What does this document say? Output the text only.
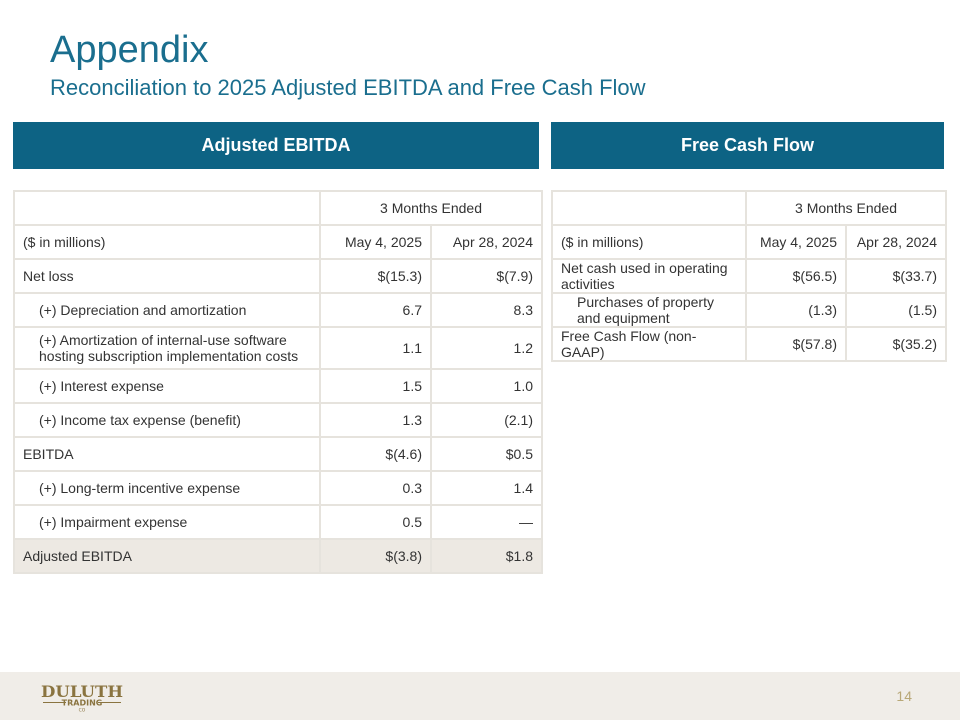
Appendix
Reconciliation to 2025 Adjusted EBITDA and Free Cash Flow
Adjusted EBITDA	Free Cash Flow
	3 Months Ended	
($ in millions)	May 4, 2025	Apr 28, 2024
Net loss	$(15.3)	$(7.9)
(+) Depreciation and amortization	6.7	8.3
(+) Amortization of internal-use software hosting subscription implementation costs	1.1	1.2
(+) Interest expense	1.5	1.0
(+) Income tax expense (benefit)	1.3	(2.1)
EBITDA	$(4.6)	$0.5
(+) Long-term incentive expense	0.3	1.4
(+) Impairment expense	0.5	—
Adjusted EBITDA	$(3.8)	$1.8
	3 Months Ended	
($ in millions)	May 4, 2025	Apr 28, 2024
Net cash used in operating activities	$(56.5)	$(33.7)
Purchases of property and equipment	(1.3)	(1.5)
Free Cash Flow (non-GAAP)	$(57.8)	$(35.2)
DULUTH
TRADING
CO
14
